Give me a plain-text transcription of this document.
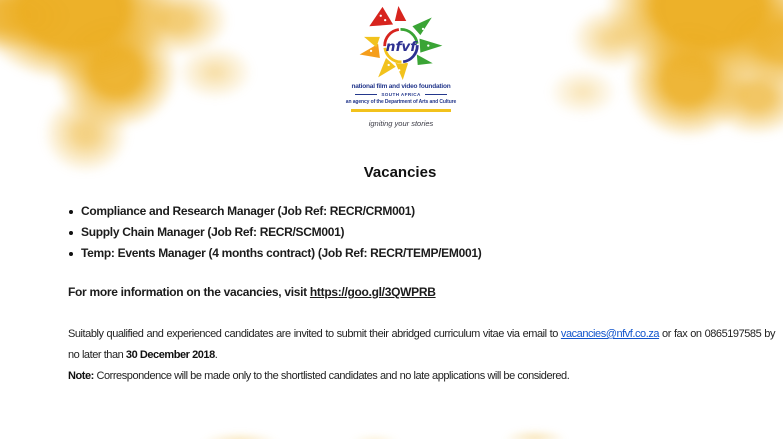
nfvf
national film and video foundation
SOUTH AFRICA
an agency of the Department of Arts and Culture
igniting your stories
Vacancies
Compliance and Research Manager (Job Ref: RECR/CRM001)
Supply Chain Manager (Job Ref: RECR/SCM001)
Temp: Events Manager (4 months contract) (Job Ref: RECR/TEMP/EM001)
For more information on the vacancies, visit https://goo.gl/3QWPRB

Suitably qualified and experienced candidates are invited to submit their abridged curriculum vitae via email to vacancies@nfvf.co.za or fax on 0865197585 by no later than 30 December 2018.

Note: Correspondence will be made only to the shortlisted candidates and no late applications will be considered.
